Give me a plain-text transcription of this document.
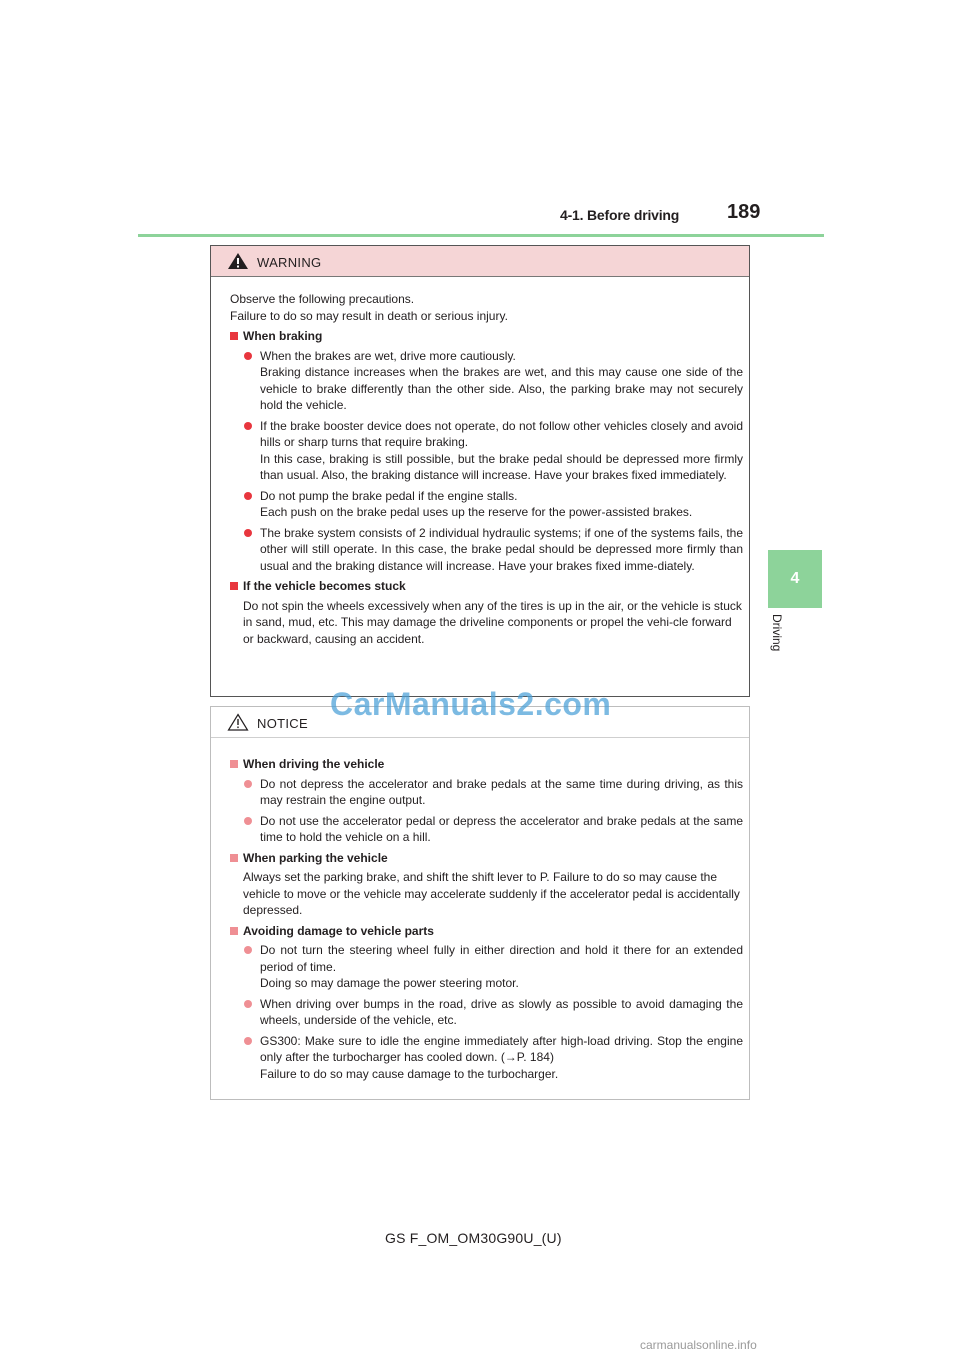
4-1. Before driving 189
4
Driving
WARNING

Observe the following precautions.
Failure to do so may result in death or serious injury.

When braking
When the brakes are wet, drive more cautiously.
Braking distance increases when the brakes are wet, and this may cause one side of the vehicle to brake differently than the other side. Also, the parking brake may not securely hold the vehicle.
If the brake booster device does not operate, do not follow other vehicles closely and avoid hills or sharp turns that require braking.
In this case, braking is still possible, but the brake pedal should be depressed more firmly than usual. Also, the braking distance will increase. Have your brakes fixed immediately.
Do not pump the brake pedal if the engine stalls.
Each push on the brake pedal uses up the reserve for the power-assisted brakes.
The brake system consists of 2 individual hydraulic systems; if one of the systems fails, the other will still operate. In this case, the brake pedal should be depressed more firmly than usual and the braking distance will increase. Have your brakes fixed imme-diately.
If the vehicle becomes stuck

Do not spin the wheels excessively when any of the tires is up in the air, or the vehicle is stuck in sand, mud, etc. This may damage the driveline components or propel the vehi-cle forward or backward, causing an accident.

NOTICE
When driving the vehicle
Do not depress the accelerator and brake pedals at the same time during driving, as this may restrain the engine output.
Do not use the accelerator pedal or depress the accelerator and brake pedals at the same time to hold the vehicle on a hill.
When parking the vehicle

Always set the parking brake, and shift the shift lever to P. Failure to do so may cause the vehicle to move or the vehicle may accelerate suddenly if the accelerator pedal is accidentally depressed.

Avoiding damage to vehicle parts
Do not turn the steering wheel fully in either direction and hold it there for an extended period of time.
Doing so may damage the power steering motor.
When driving over bumps in the road, drive as slowly as possible to avoid damaging the wheels, underside of the vehicle, etc.
GS300: Make sure to idle the engine immediately after high-load driving. Stop the engine only after the turbocharger has cooled down. (→P. 184)
Failure to do so may cause damage to the turbocharger.
CarManuals2.com
GS F_OM_OM30G90U_(U)
carmanualsonline.info
